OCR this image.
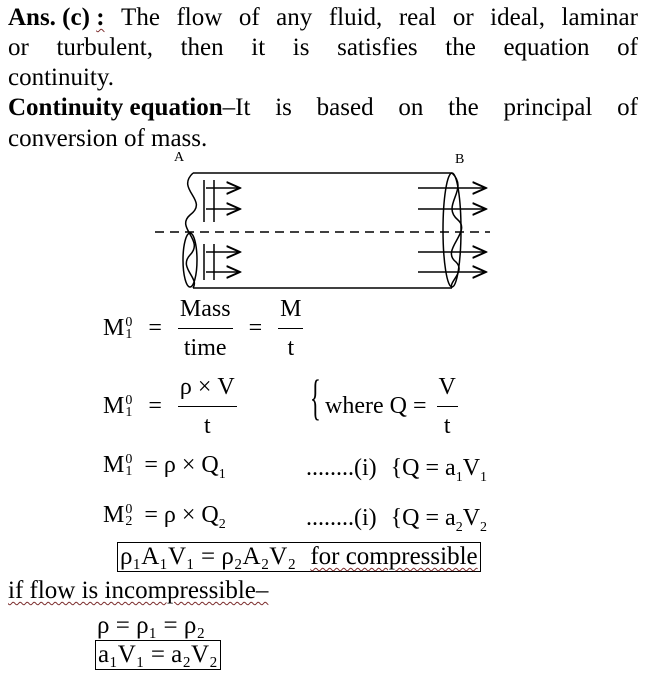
Ans. (c) : The flow of any fluid, real or ideal, laminar
or turbulent, then it is satisfies the equation of
continuity.
Continuity equation–It is based on the principal of
conversion of mass.
A	B
M 0
$1 = \frac{\text{Mass}}{\text{time}} = \frac{M}{t}$
M 0
$1 = \frac{\rho \times V}{t}$ { where $Q = \frac{V}{t}$
M 0
$1 = \rho \times Q_1$	........(i) {$Q = a_1V_1$
M 0
$2 = \rho \times Q_2$	........(i) {$Q = a_2V_2$
ρ₁A₁V₁ = ρ₂A₂V₂ for compressible
if flow is incompressible–
ρ = ρ₁ = ρ₂
a₁V₁ = a₂V₂
